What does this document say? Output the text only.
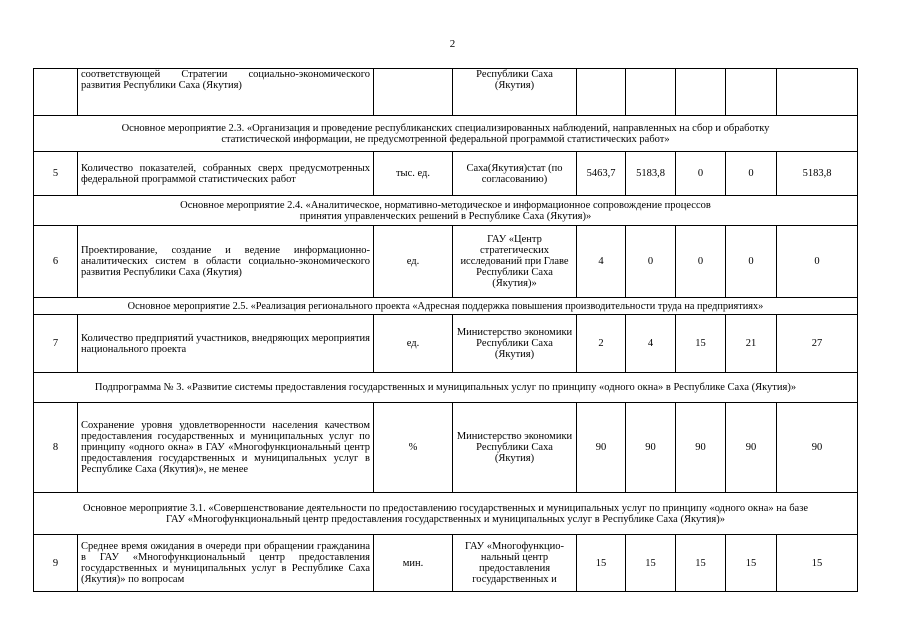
2
	соответствующей Стратегии социально-экономического развития Республики Саха (Якутия)		Республики Саха (Якутия)					
Основное мероприятие 2.3. «Организация и проведение республиканских специализированных наблюдений, направленных на сбор и обработку статистической информации, не предусмотренной федеральной программой статистических работ»								
5	Количество показателей, собранных сверх предусмотренных федеральной программой статистических работ	тыс. ед.	Саха(Якутия)стат (по согласованию)	5463,7	5183,8	0	0	5183,8
Основное мероприятие 2.4. «Аналитическое, нормативно-методическое и информационное сопровождение процессов принятия управленческих решений в Республике Саха (Якутия)»								
6	Проектирование, создание и ведение информационно-аналитических систем в области социально-экономического развития Республики Саха (Якутия)	ед.	ГАУ «Центр стратегических исследований при Главе Республики Саха (Якутия)»	4	0	0	0	0
Основное мероприятие 2.5. «Реализация регионального проекта «Адресная поддержка повышения производительности труда на предприятиях»								
7	Количество предприятий участников, внедряющих мероприятия национального проекта	ед.	Министерство экономики Республики Саха (Якутия)	2	4	15	21	27
Подпрограмма № 3. «Развитие системы предоставления государственных и муниципальных услуг по принципу «одного окна» в Республике Саха (Якутия)»								
8	Сохранение уровня удовлетворенности населения качеством предоставления государственных и муниципальных услуг по принципу «одного окна» в ГАУ «Многофункциональный центр предоставления государственных и муниципальных услуг в Республике Саха (Якутия)», не менее	%	Министерство экономики Республики Саха (Якутия)	90	90	90	90	90
Основное мероприятие 3.1. «Совершенствование деятельности по предоставлению государственных и муниципальных услуг по принципу «одного окна» на базе ГАУ «Многофункциональный центр предоставления государственных и муниципальных услуг в Республике Саха (Якутия)»								
9	Среднее время ожидания в очереди при обращении гражданина в ГАУ «Многофункциональный центр предоставления государственных и муниципальных услуг в Республике Саха (Якутия)» по вопросам	мин.	ГАУ «Многофункцио-нальный центр предоставления государственных и	15	15	15	15	15
